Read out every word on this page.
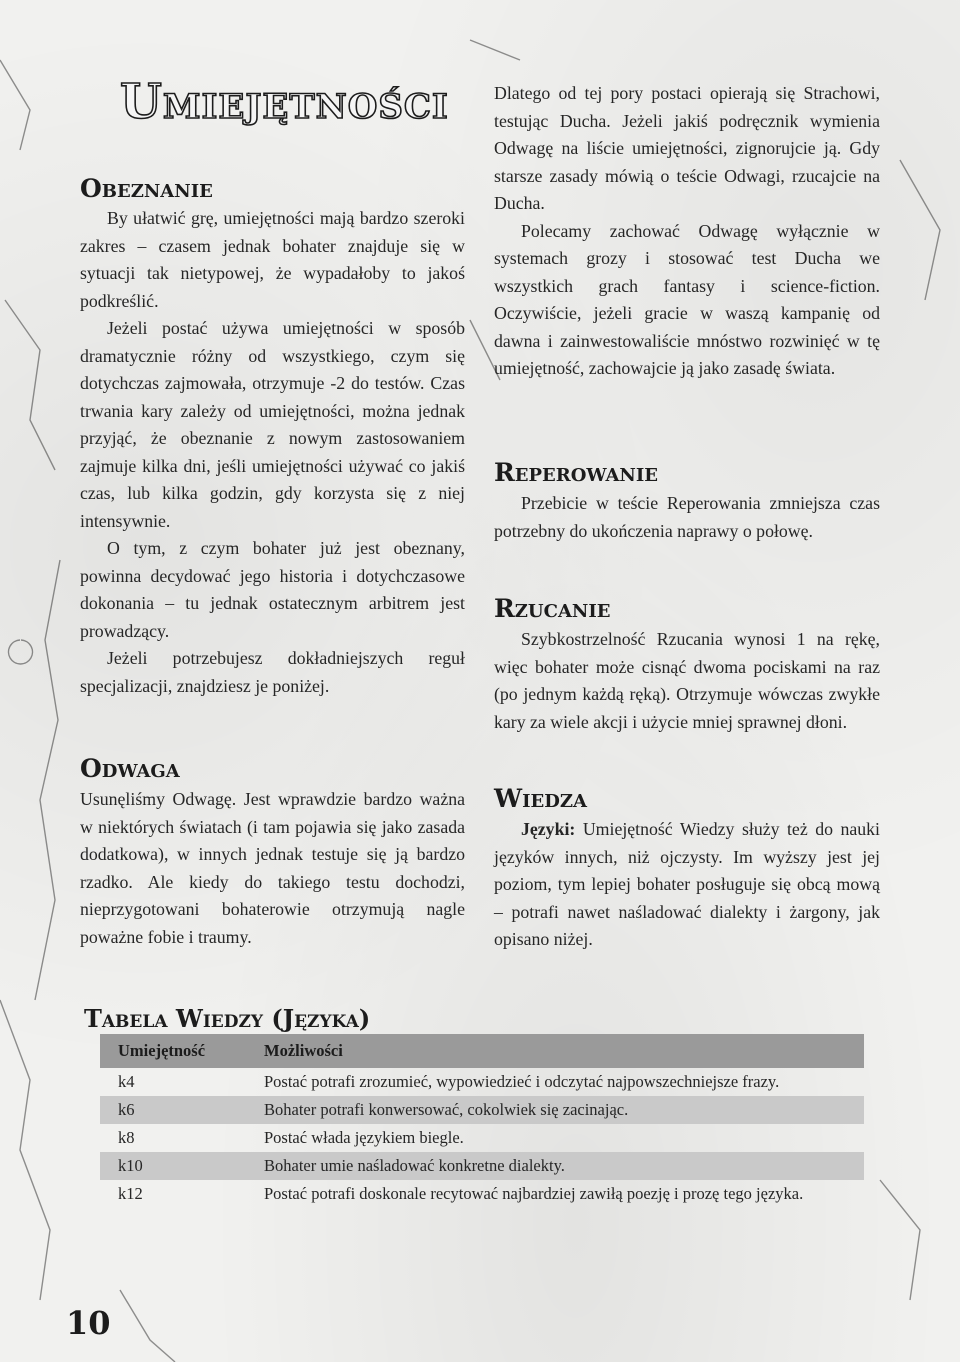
Umiejętności
Obeznanie

By ułatwić grę, umiejętności mają bardzo szeroki zakres – czasem jednak bohater znajduje się w sytuacji tak nietypowej, że wypadałoby to jakoś podkreślić.

Jeżeli postać używa umiejętności w sposób dramatycznie różny od wszystkiego, czym się dotychczas zajmowała, otrzymuje -2 do testów. Czas trwania kary zależy od umiejętności, można jednak przyjąć, że obeznanie z nowym zastosowaniem zajmuje kilka dni, jeśli umiejętności używać co jakiś czas, lub kilka godzin, gdy korzysta się z niej intensywnie.

O tym, z czym bohater już jest obeznany, powinna decydować jego historia i dotychczasowe dokonania – tu jednak ostatecznym arbitrem jest prowadzący.

Jeżeli potrzebujesz dokładniejszych reguł specjalizacji, znajdziesz je poniżej.

Odwaga

Usunęliśmy Odwagę. Jest wprawdzie bardzo ważna w niektórych światach (i tam pojawia się jako zasada dodatkowa), w innych jednak testuje się ją bardzo rzadko. Ale kiedy do takiego testu dochodzi, nieprzygotowani bohaterowie otrzymują nagle poważne fobie i traumy.

Dlatego od tej pory postaci opierają się Strachowi, testując Ducha. Jeżeli jakiś podręcznik wymienia Odwagę na liście umiejętności, zignorujcie ją. Gdy starsze zasady mówią o teście Odwagi, rzucajcie na Ducha.

Polecamy zachować Odwagę wyłącznie w systemach grozy i stosować test Ducha we wszystkich grach fantasy i science-fiction. Oczywiście, jeżeli gracie w waszą kampanię od dawna i zainwestowaliście mnóstwo rozwinięć w tę umiejętność, zachowajcie ją jako zasadę świata.

Reperowanie

Przebicie w teście Reperowania zmniejsza czas potrzebny do ukończenia naprawy o połowę.

Rzucanie

Szybkostrzelność Rzucania wynosi 1 na rękę, więc bohater może cisnąć dwoma pociskami na raz (po jednym każdą ręką). Otrzymuje wówczas zwykłe kary za wiele akcji i użycie mniej sprawnej dłoni.

Wiedza

Języki: Umiejętność Wiedzy służy też do nauki języków innych, niż ojczysty. Im wyższy jest jej poziom, tym lepiej bohater posługuje się obcą mową – potrafi nawet naśladować dialekty i żargony, jak opisano niżej.

Tabela Wiedzy (Języka)
Umiejętność	Możliwości
k4	Postać potrafi zrozumieć, wypowiedzieć i odczytać najpowszechniejsze frazy.
k6	Bohater potrafi konwersować, cokolwiek się zacinając.
k8	Postać włada językiem biegle.
k10	Bohater umie naśladować konkretne dialekty.
k12	Postać potrafi doskonale recytować najbardziej zawiłą poezję i prozę tego języka.
10
